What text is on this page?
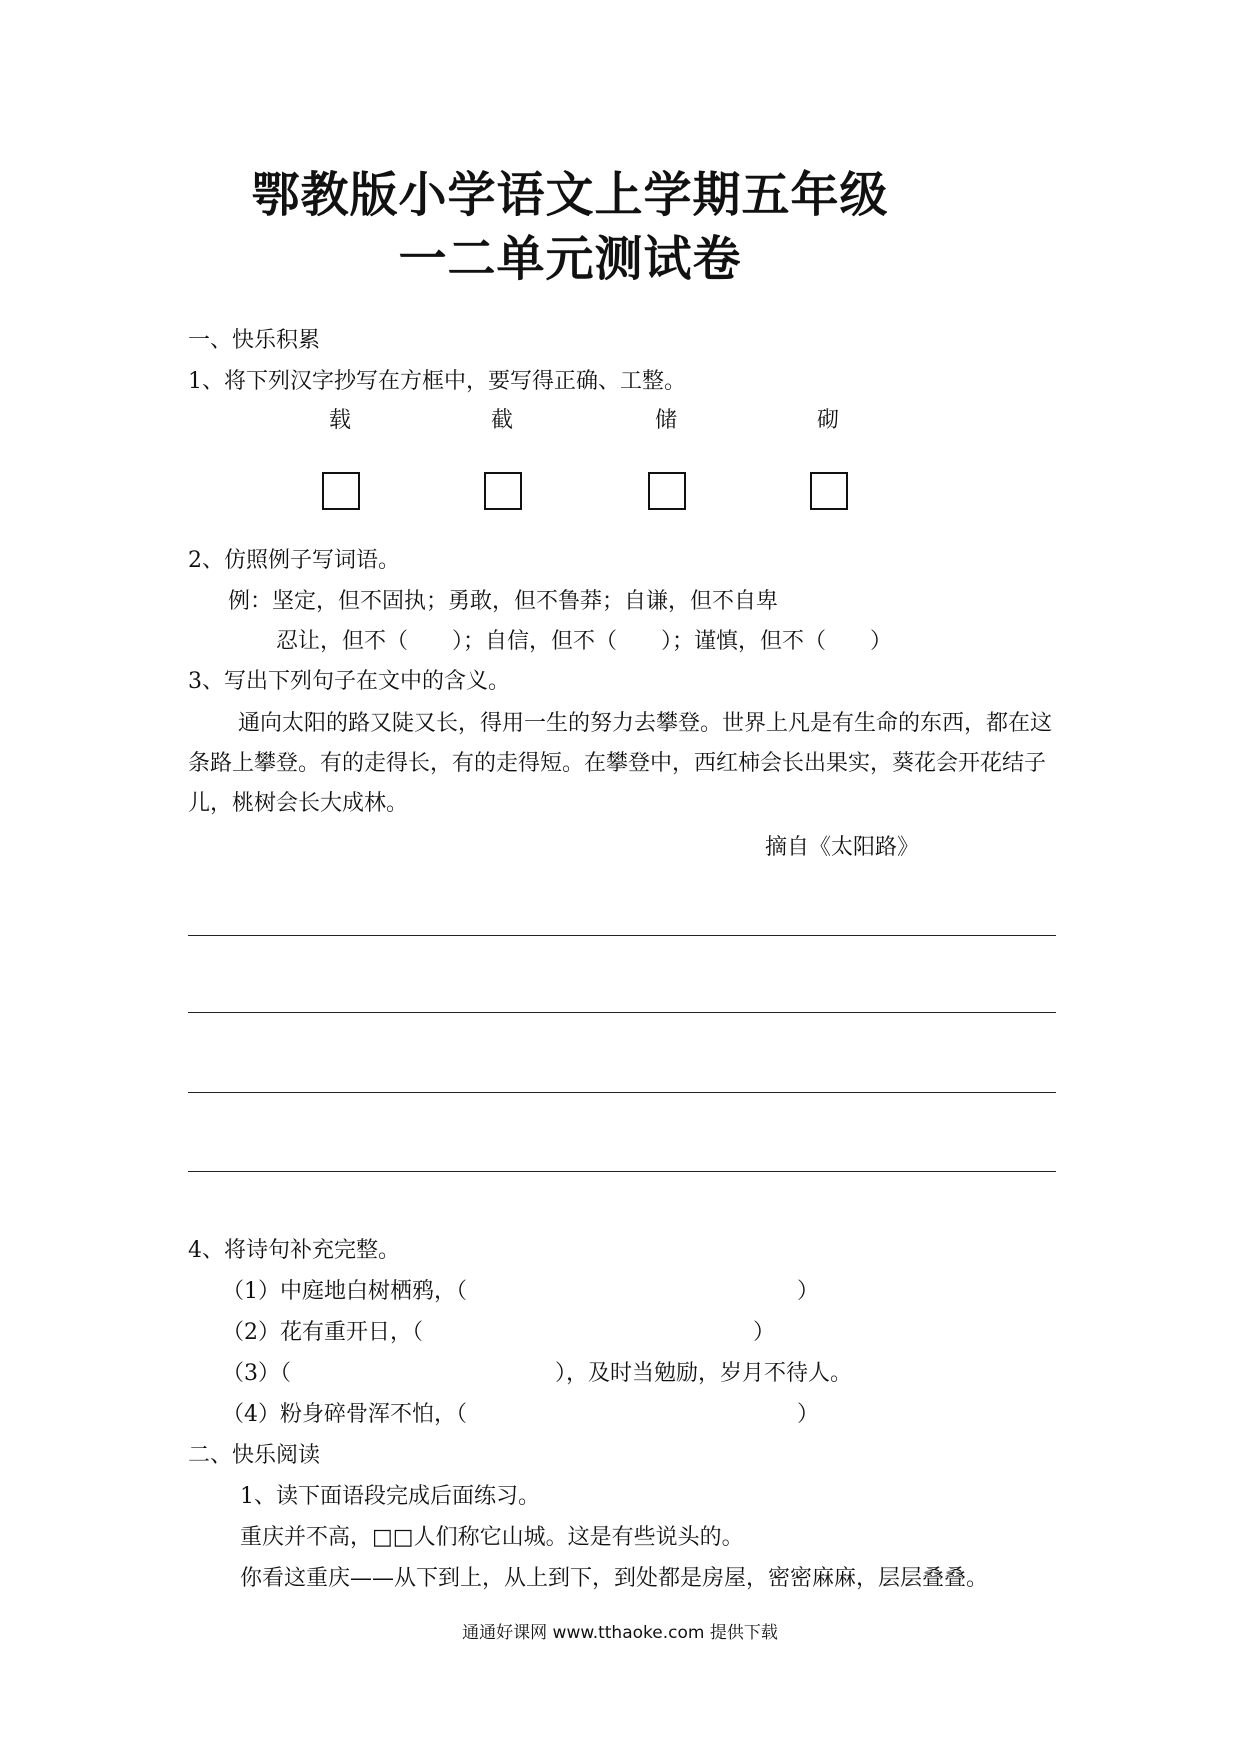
鄂教版小学语文上学期五年级
一二单元测试卷
一、快乐积累
1、将下列汉字抄写在方框中，要写得正确、工整。
载	截	储	砌
2、仿照例子写词语。
例：坚定，但不固执；勇敢，但不鲁莽；自谦，但不自卑
忍让，但不（　　）；自信，但不（　　）；谨慎，但不（　　）
3、写出下列句子在文中的含义。
通向太阳的路又陡又长，得用一生的努力去攀登。世界上凡是有生命的东西，都在这条路上攀登。有的走得长，有的走得短。在攀登中，西红柿会长出果实，葵花会开花结子儿，桃树会长大成林。
摘自《太阳路》
4、将诗句补充完整。
（1）中庭地白树栖鸦，（　　　　　　　　　　　　　　　）
（2）花有重开日，（　　　　　　　　　　　　　　　）
（3）（　　　　　　　　　　　　），及时当勉励，岁月不待人。
（4）粉身碎骨浑不怕，（　　　　　　　　　　　　　　　）
二、快乐阅读
1、读下面语段完成后面练习。
重庆并不高，□□人们称它山城。这是有些说头的。
你看这重庆——从下到上，从上到下，到处都是房屋，密密麻麻，层层叠叠。
通通好课网 www.tthaoke.com 提供下载
